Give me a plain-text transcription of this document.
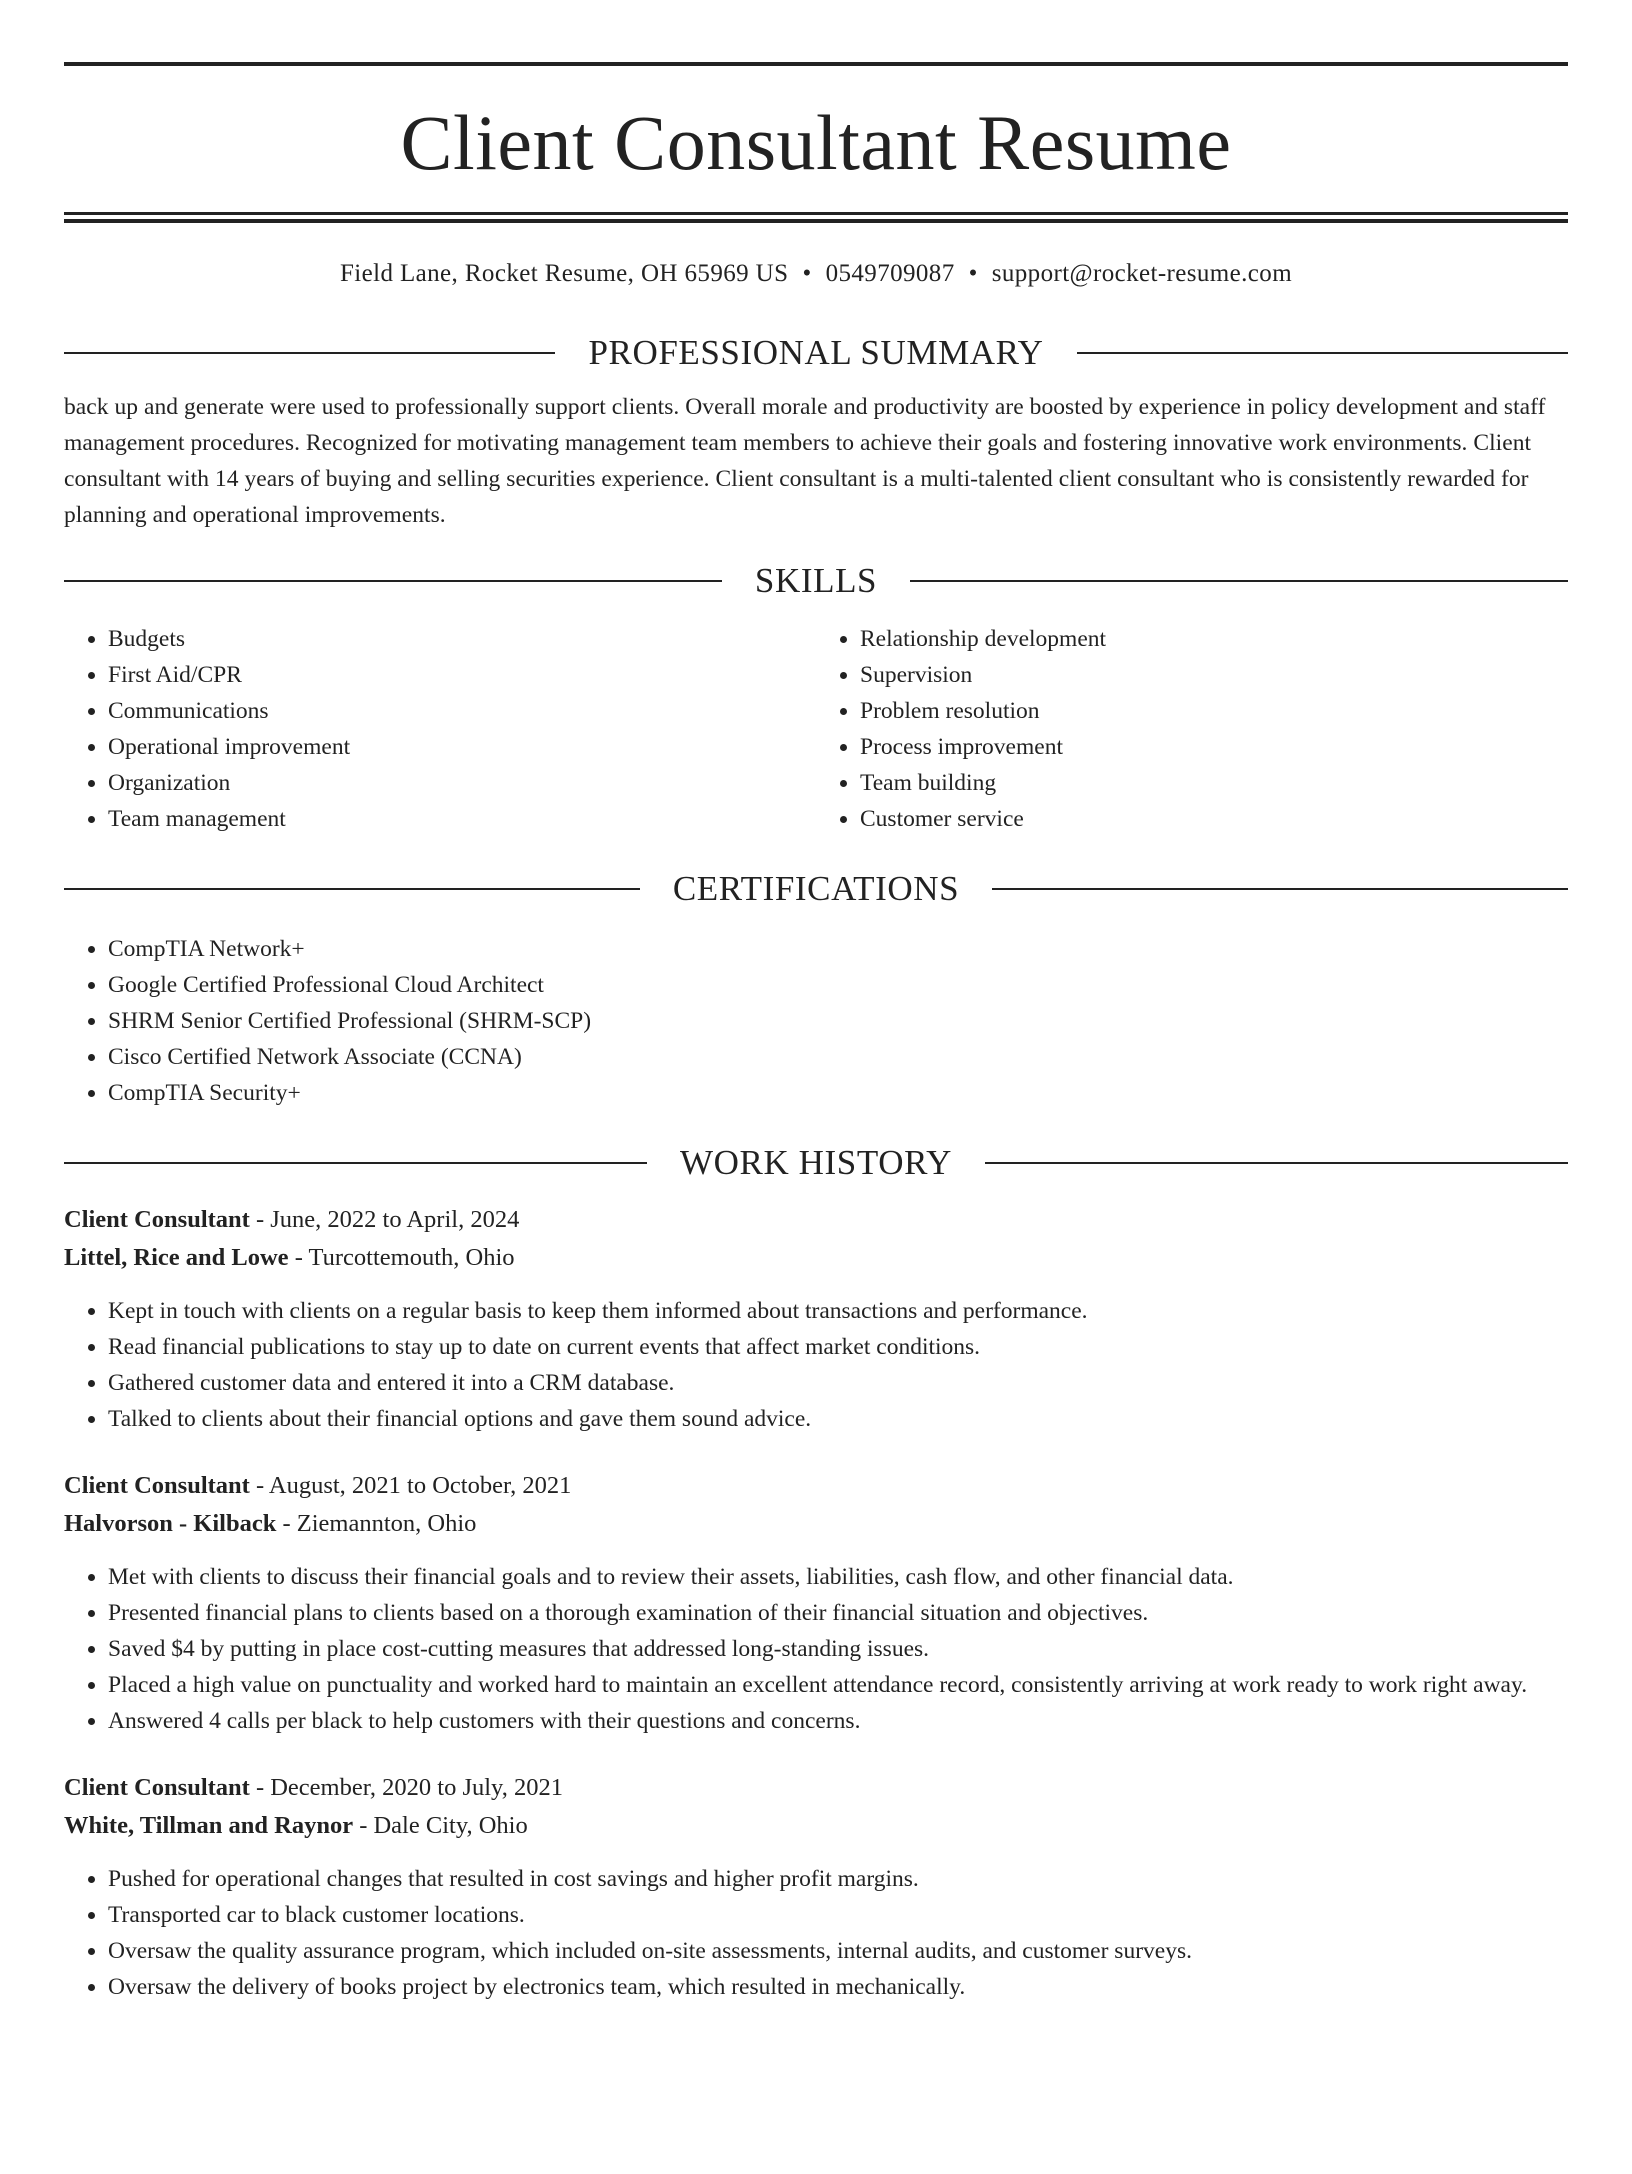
Client Consultant Resume
Field Lane, Rocket Resume, OH 65969 US • 0549709087 • support@rocket-resume.com
PROFESSIONAL SUMMARY

back up and generate were used to professionally support clients. Overall morale and productivity are boosted by experience in policy development and staff management procedures. Recognized for motivating management team members to achieve their goals and fostering innovative work environments. Client consultant with 14 years of buying and selling securities experience. Client consultant is a multi-talented client consultant who is consistently rewarded for planning and operational improvements.

SKILLS
• Budgets
• First Aid/CPR
• Communications
• Operational improvement
• Organization
• Team management
• Relationship development
• Supervision
• Problem resolution
• Process improvement
• Team building
• Customer service
CERTIFICATIONS
• CompTIA Network+
• Google Certified Professional Cloud Architect
• SHRM Senior Certified Professional (SHRM-SCP)
• Cisco Certified Network Associate (CCNA)
• CompTIA Security+
WORK HISTORY
Client Consultant - June, 2022 to April, 2024
Littel, Rice and Lowe - Turcottemouth, Ohio
• Kept in touch with clients on a regular basis to keep them informed about transactions and performance.
• Read financial publications to stay up to date on current events that affect market conditions.
• Gathered customer data and entered it into a CRM database.
• Talked to clients about their financial options and gave them sound advice.
Client Consultant - August, 2021 to October, 2021
Halvorson - Kilback - Ziemannton, Ohio
• Met with clients to discuss their financial goals and to review their assets, liabilities, cash flow, and other financial data.
• Presented financial plans to clients based on a thorough examination of their financial situation and objectives.
• Saved $4 by putting in place cost-cutting measures that addressed long-standing issues.
• Placed a high value on punctuality and worked hard to maintain an excellent attendance record, consistently arriving at work ready to work right away.
• Answered 4 calls per black to help customers with their questions and concerns.
Client Consultant - December, 2020 to July, 2021
White, Tillman and Raynor - Dale City, Ohio
• Pushed for operational changes that resulted in cost savings and higher profit margins.
• Transported car to black customer locations.
• Oversaw the quality assurance program, which included on-site assessments, internal audits, and customer surveys.
• Oversaw the delivery of books project by electronics team, which resulted in mechanically.
